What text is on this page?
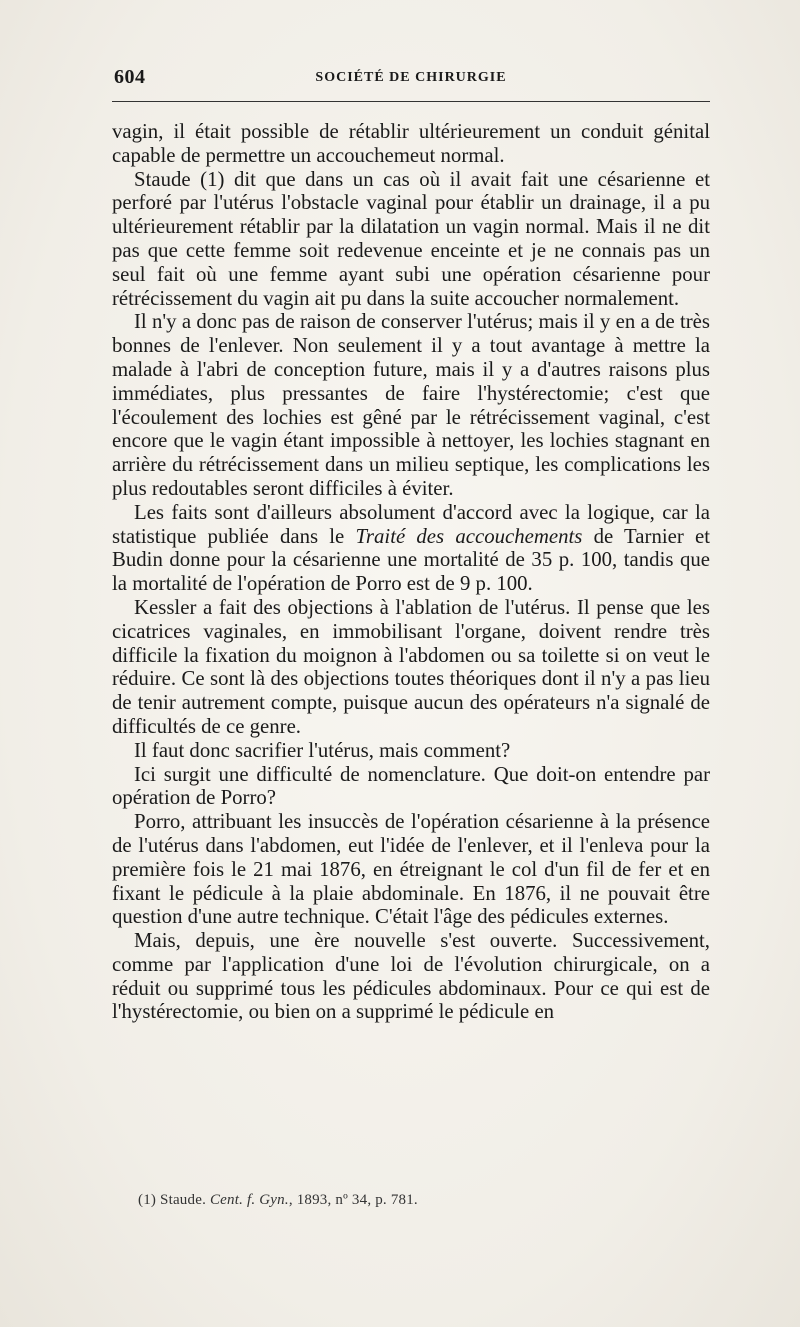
604	SOCIÉTÉ DE CHIRURGIE

vagin, il était possible de rétablir ultérieurement un conduit génital capable de permettre un accouchemeut normal.

Staude (1) dit que dans un cas où il avait fait une césarienne et perforé par l'utérus l'obstacle vaginal pour établir un drainage, il a pu ultérieurement rétablir par la dilatation un vagin normal. Mais il ne dit pas que cette femme soit redevenue enceinte et je ne connais pas un seul fait où une femme ayant subi une opération césarienne pour rétrécissement du vagin ait pu dans la suite accoucher normalement.

Il n'y a donc pas de raison de conserver l'utérus; mais il y en a de très bonnes de l'enlever. Non seulement il y a tout avantage à mettre la malade à l'abri de conception future, mais il y a d'autres raisons plus immédiates, plus pressantes de faire l'hystérectomie; c'est que l'écoulement des lochies est gêné par le rétrécissement vaginal, c'est encore que le vagin étant impossible à nettoyer, les lochies stagnant en arrière du rétrécissement dans un milieu septique, les complications les plus redoutables seront difficiles à éviter.

Les faits sont d'ailleurs absolument d'accord avec la logique, car la statistique publiée dans le Traité des accouchements de Tarnier et Budin donne pour la césarienne une mortalité de 35 p. 100, tandis que la mortalité de l'opération de Porro est de 9 p. 100.

Kessler a fait des objections à l'ablation de l'utérus. Il pense que les cicatrices vaginales, en immobilisant l'organe, doivent rendre très difficile la fixation du moignon à l'abdomen ou sa toilette si on veut le réduire. Ce sont là des objections toutes théoriques dont il n'y a pas lieu de tenir autrement compte, puisque aucun des opérateurs n'a signalé de difficultés de ce genre.

Il faut donc sacrifier l'utérus, mais comment?

Ici surgit une difficulté de nomenclature. Que doit-on entendre par opération de Porro?

Porro, attribuant les insuccès de l'opération césarienne à la présence de l'utérus dans l'abdomen, eut l'idée de l'enlever, et il l'enleva pour la première fois le 21 mai 1876, en étreignant le col d'un fil de fer et en fixant le pédicule à la plaie abdominale. En 1876, il ne pouvait être question d'une autre technique. C'était l'âge des pédicules externes.

Mais, depuis, une ère nouvelle s'est ouverte. Successivement, comme par l'application d'une loi de l'évolution chirurgicale, on a réduit ou supprimé tous les pédicules abdominaux. Pour ce qui est de l'hystérectomie, ou bien on a supprimé le pédicule en

(1) Staude. Cent. f. Gyn., 1893, nº 34, p. 781.
